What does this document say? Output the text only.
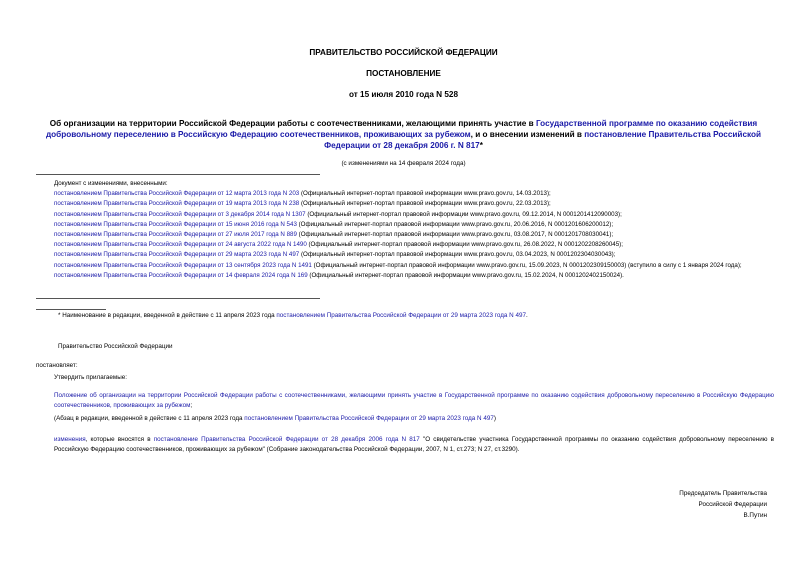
ПРАВИТЕЛЬСТВО РОССИЙСКОЙ ФЕДЕРАЦИИ
ПОСТАНОВЛЕНИЕ
от 15 июля 2010 года N 528
Об организации на территории Российской Федерации работы с соотечественниками, желающими принять участие в Государственной программе по оказанию содействия добровольному переселению в Российскую Федерацию соотечественников, проживающих за рубежом, и о внесении изменений в постановление Правительства Российской Федерации от 28 декабря 2006 г. N 817*
(с изменениями на 14 февраля 2024 года)
Документ с изменениями, внесенными:
постановлением Правительства Российской Федерации от 12 марта 2013 года N 203 (Официальный интернет-портал правовой информации www.pravo.gov.ru, 14.03.2013);
постановлением Правительства Российской Федерации от 19 марта 2013 года N 238 (Официальный интернет-портал правовой информации www.pravo.gov.ru, 22.03.2013);
постановлением Правительства Российской Федерации от 3 декабря 2014 года N 1307 (Официальный интернет-портал правовой информации www.pravo.gov.ru, 09.12.2014, N 0001201412090003);
постановлением Правительства Российской Федерации от 15 июня 2016 года N 543 (Официальный интернет-портал правовой информации www.pravo.gov.ru, 20.06.2016, N 0001201606200012);
постановлением Правительства Российской Федерации от 27 июля 2017 года N 889 (Официальный интернет-портал правовой информации www.pravo.gov.ru, 03.08.2017, N 0001201708030041);
постановлением Правительства Российской Федерации от 24 августа 2022 года N 1490 (Официальный интернет-портал правовой информации www.pravo.gov.ru, 26.08.2022, N 0001202208260045);
постановлением Правительства Российской Федерации от 29 марта 2023 года N 497 (Официальный интернет-портал правовой информации www.pravo.gov.ru, 03.04.2023, N 0001202304030043);
постановлением Правительства Российской Федерации от 13 сентября 2023 года N 1491 (Официальный интернет-портал правовой информации www.pravo.gov.ru, 15.09.2023, N 0001202309150003) (вступило в силу с 1 января 2024 года);
постановлением Правительства Российской Федерации от 14 февраля 2024 года N 169 (Официальный интернет-портал правовой информации www.pravo.gov.ru, 15.02.2024, N 0001202402150024).
* Наименование в редакции, введенной в действие с 11 апреля 2023 года постановлением Правительства Российской Федерации от 29 марта 2023 года N 497.
Правительство Российской Федерации
постановляет:
Утвердить прилагаемые:
Положение об организации на территории Российской Федерации работы с соотечественниками, желающими принять участие в Государственной программе по оказанию содействия добровольному переселению в Российскую Федерацию соотечественников, проживающих за рубежом;
(Абзац в редакции, введенной в действие с 11 апреля 2023 года постановлением Правительства Российской Федерации от 29 марта 2023 года N 497)
изменения, которые вносятся в постановление Правительства Российской Федерации от 28 декабря 2006 года N 817 "О свидетельстве участника Государственной программы по оказанию содействия добровольному переселению в Российскую Федерацию соотечественников, проживающих за рубежом" (Собрание законодательства Российской Федерации, 2007, N 1, ст.273; N 27, ст.3290).
Председатель Правительства
Российской Федерации
В.Путин
